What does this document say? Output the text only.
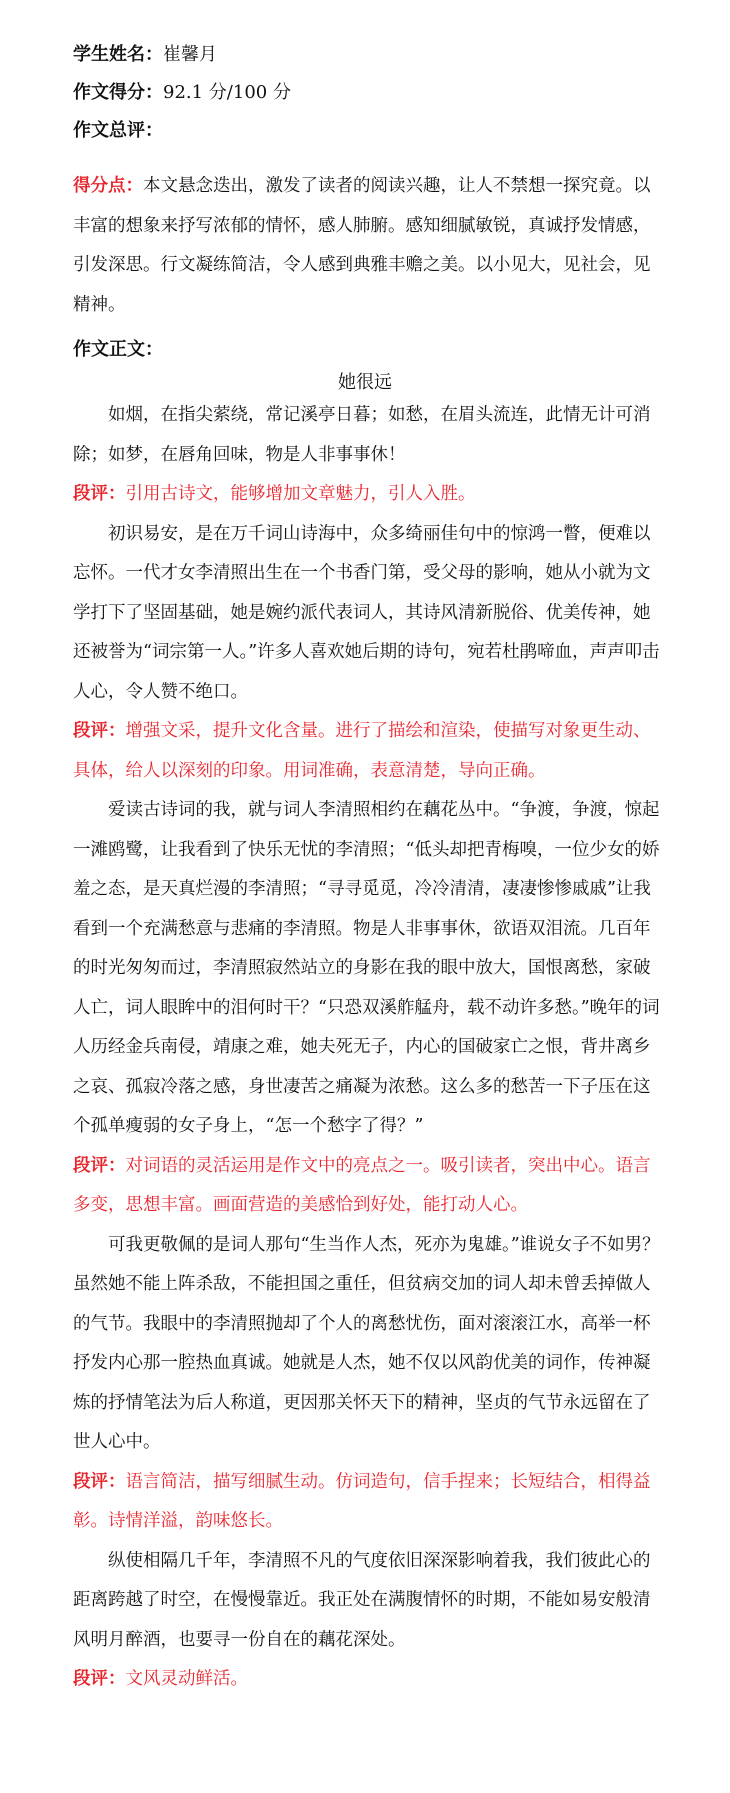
学生姓名：崔馨月
作文得分：92.1 分/100 分
作文总评：
得分点：本文悬念迭出，激发了读者的阅读兴趣，让人不禁想一探究竟。以丰富的想象来抒写浓郁的情怀，感人肺腑。感知细腻敏锐，真诚抒发情感，引发深思。行文凝练简洁，令人感到典雅丰赡之美。以小见大，见社会，见精神。
作文正文：
她很远

如烟，在指尖萦绕，常记溪亭日暮；如愁，在眉头流连，此情无计可消除；如梦，在唇角回味，物是人非事事休！

段评：引用古诗文，能够增加文章魅力，引人入胜。

初识易安，是在万千词山诗海中，众多绮丽佳句中的惊鸿一瞥，便难以忘怀。一代才女李清照出生在一个书香门第，受父母的影响，她从小就为文学打下了坚固基础，她是婉约派代表词人，其诗风清新脱俗、优美传神，她还被誉为“词宗第一人。”许多人喜欢她后期的诗句，宛若杜鹃啼血，声声叩击人心，令人赞不绝口。

段评：增强文采，提升文化含量。进行了描绘和渲染，使描写对象更生动、具体，给人以深刻的印象。用词准确，表意清楚，导向正确。

爱读古诗词的我，就与词人李清照相约在藕花丛中。“争渡，争渡，惊起一滩鸥鹭，让我看到了快乐无忧的李清照；“低头却把青梅嗅，一位少女的娇羞之态，是天真烂漫的李清照；“寻寻觅觅，冷冷清清，凄凄惨惨戚戚”让我看到一个充满愁意与悲痛的李清照。物是人非事事休，欲语双泪流。几百年的时光匆匆而过，李清照寂然站立的身影在我的眼中放大，国恨离愁，家破人亡，词人眼眸中的泪何时干？“只恐双溪舴艋舟，载不动许多愁。”晚年的词人历经金兵南侵，靖康之难，她夫死无子，内心的国破家亡之恨，背井离乡之哀、孤寂冷落之感，身世凄苦之痛凝为浓愁。这么多的愁苦一下子压在这个孤单瘦弱的女子身上，“怎一个愁字了得？”

段评：对词语的灵活运用是作文中的亮点之一。吸引读者，突出中心。语言多变，思想丰富。画面营造的美感恰到好处，能打动人心。

可我更敬佩的是词人那句“生当作人杰，死亦为鬼雄。”谁说女子不如男？虽然她不能上阵杀敌，不能担国之重任，但贫病交加的词人却未曾丢掉做人的气节。我眼中的李清照抛却了个人的离愁忧伤，面对滚滚江水，高举一杯抒发内心那一腔热血真诚。她就是人杰，她不仅以风韵优美的词作，传神凝炼的抒情笔法为后人称道，更因那关怀天下的精神，坚贞的气节永远留在了世人心中。

段评：语言简洁，描写细腻生动。仿词造句，信手捏来；长短结合，相得益彰。诗情洋溢，韵味悠长。

纵使相隔几千年，李清照不凡的气度依旧深深影响着我，我们彼此心的距离跨越了时空，在慢慢靠近。我正处在满腹情怀的时期，不能如易安般清风明月醉酒，也要寻一份自在的藕花深处。

段评：文风灵动鲜活。
